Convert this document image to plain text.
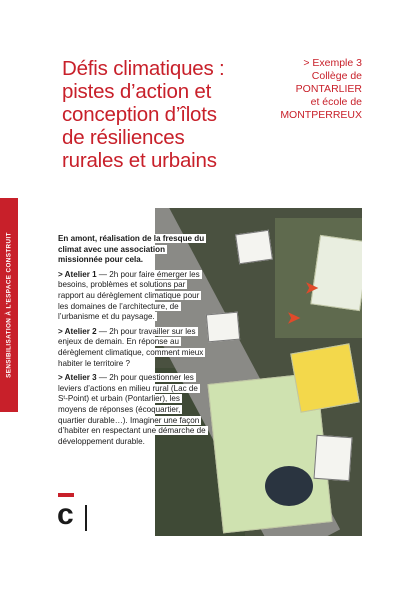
SENSIBILISATION À L’ESPACE CONSTRUIT
Défis climatiques :
pistes d’action et
conception d’îlots
de résiliences
rurales et urbains
> Exemple 3
Collège de
PONTARLIER
et école de
MONTPERREUX
➤
➤

En amont, réalisation de la fresque du climat avec une association missionnée pour cela.

> Atelier 1 — 2h pour faire émerger les besoins, problèmes et solutions par rapport au dérèglement climatique pour les domaines de l’architecture, de l’urbanisme et du paysage.

> Atelier 2 — 2h pour travailler sur les enjeux de demain. En réponse au dérèglement climatique, comment mieux habiter le territoire ?

> Atelier 3 — 2h pour questionner les leviers d’actions en milieu rural (Lac de Sᵗ-Point) et urbain (Pontarlier), les moyens de réponses (écoquartier, quartier durable…). Imaginer une façon d’habiter en respectant une démarche de développement durable.

c
